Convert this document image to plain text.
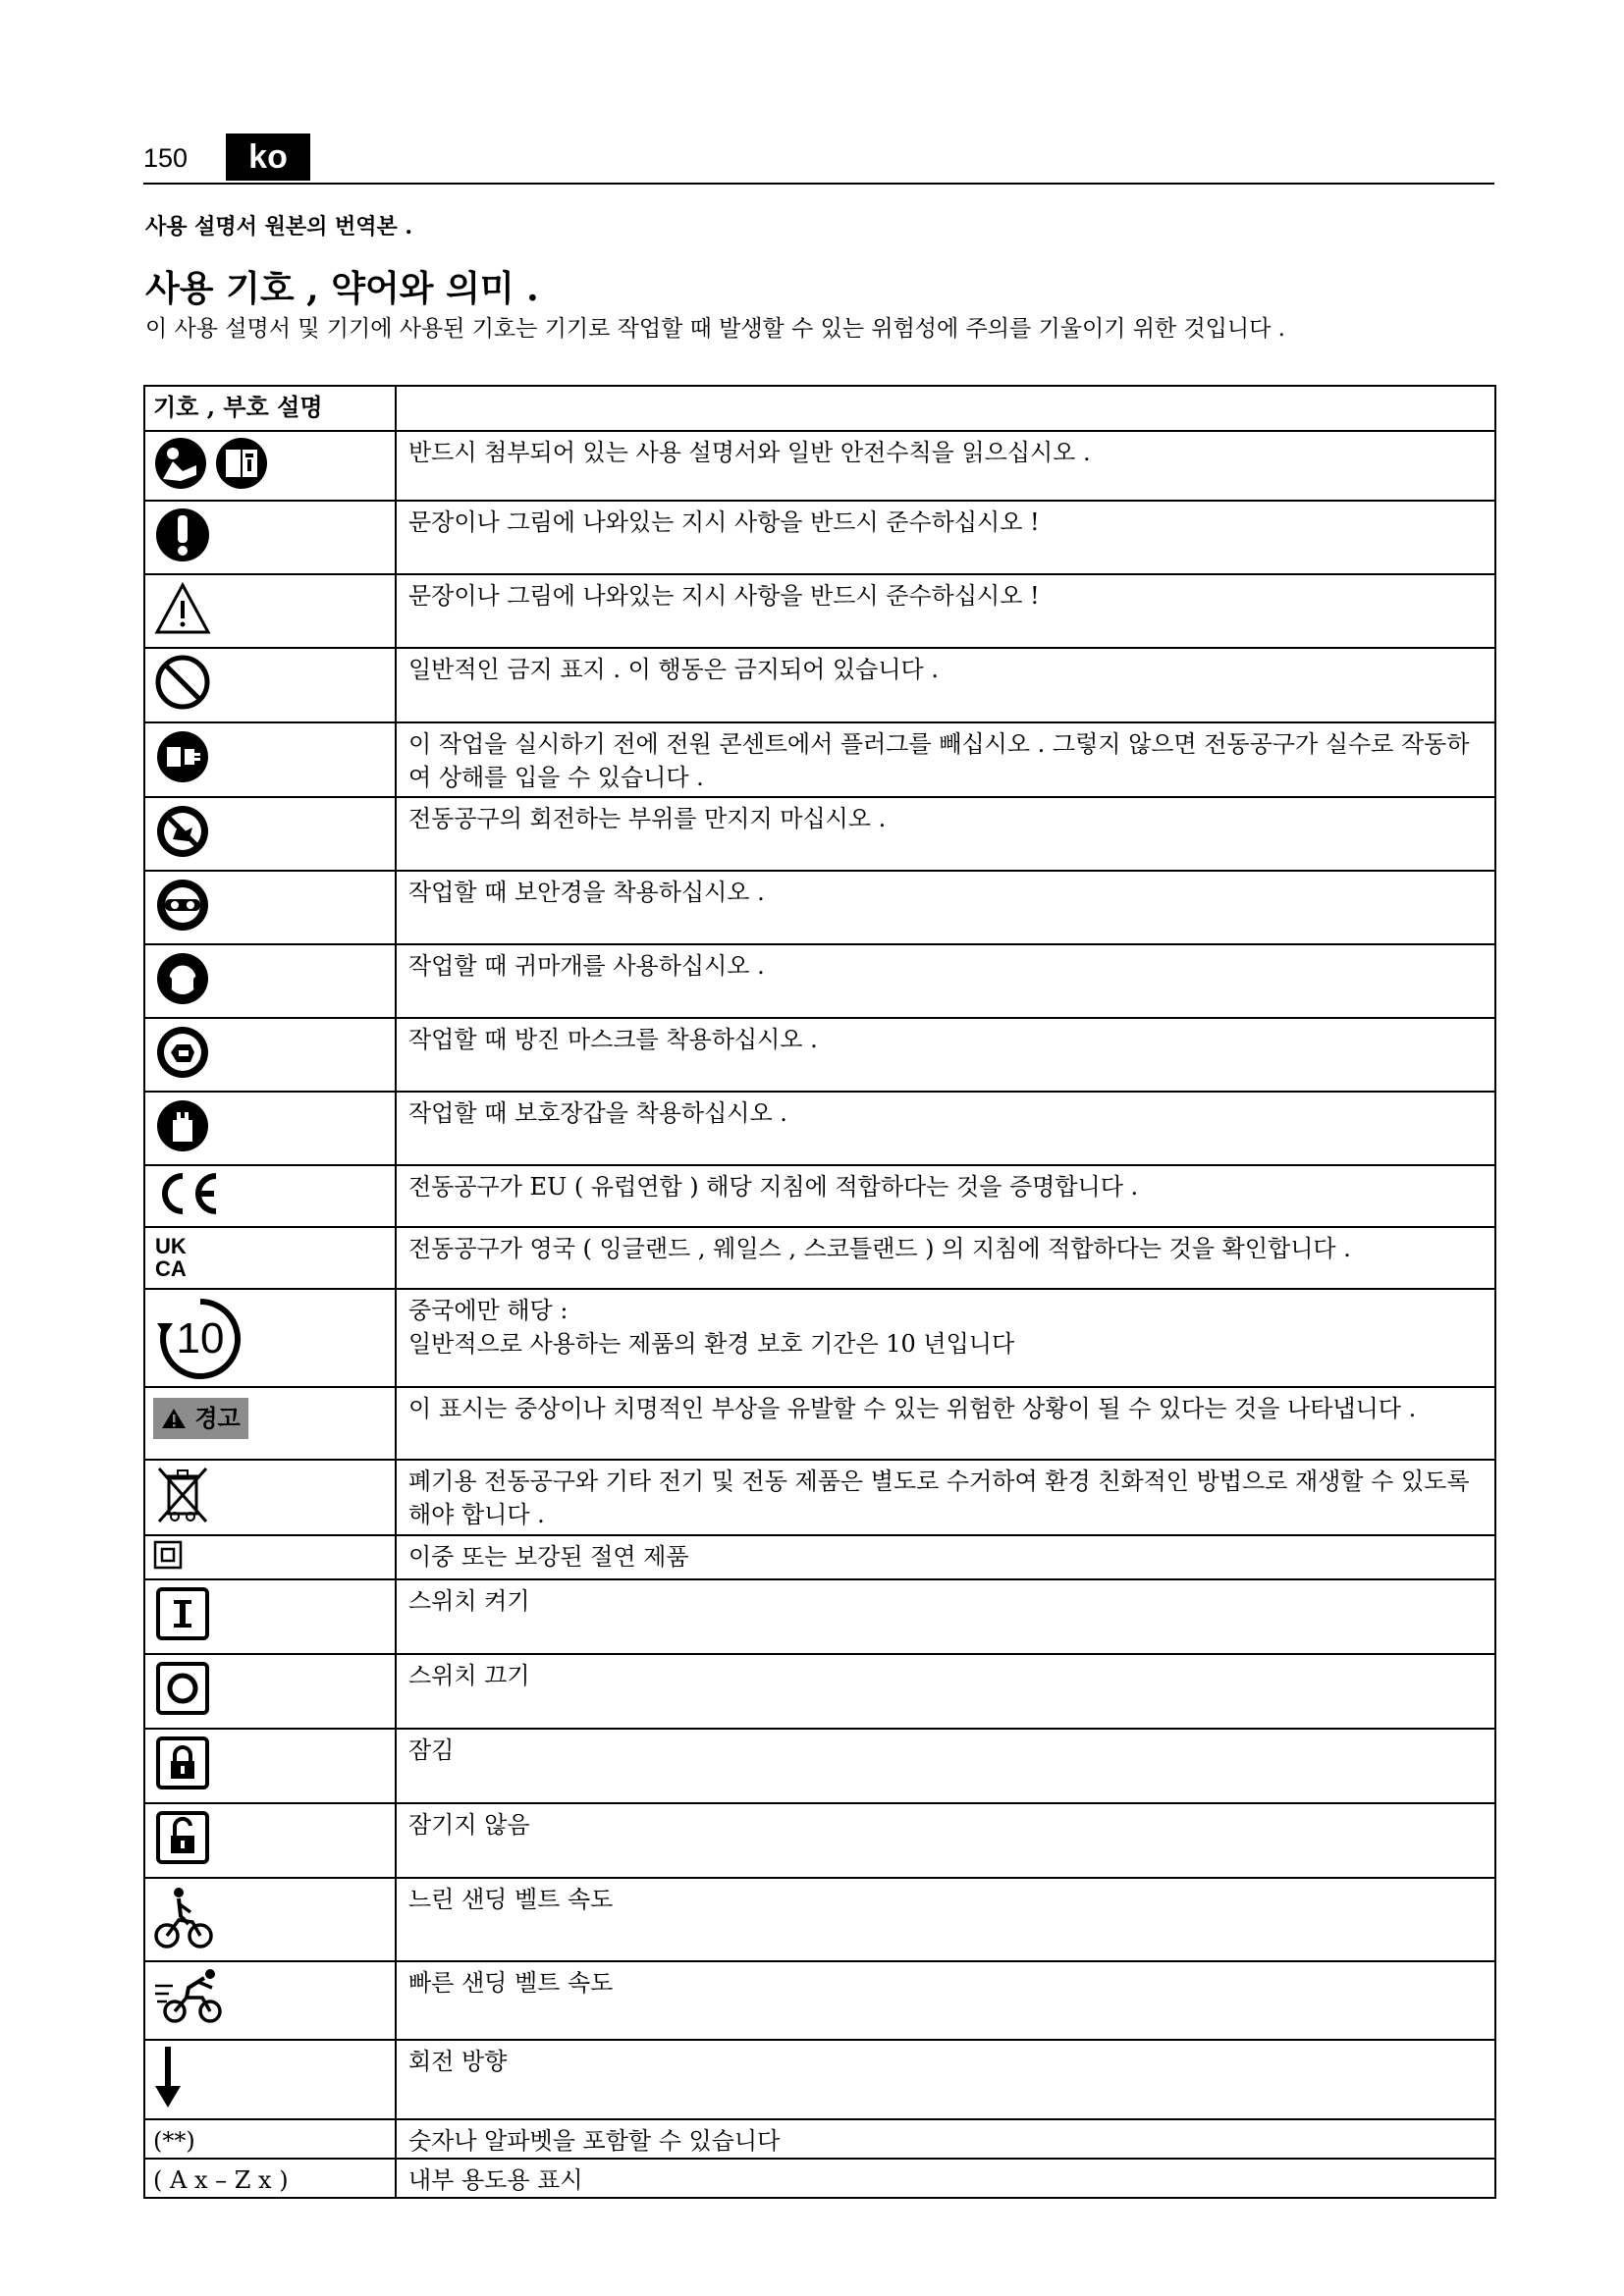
150	ko
사용 설명서 원본의 번역본 .
사용 기호 , 약어와 의미 .
이 사용 설명서 및 기기에 사용된 기호는 기기로 작업할 때 발생할 수 있는 위험성에 주의를 기울이기 위한 것입니다 .
기호 , 부호 설명	
	반드시 첨부되어 있는 사용 설명서와 일반 안전수칙을 읽으십시오 .
	문장이나 그림에 나와있는 지시 사항을 반드시 준수하십시오 !
	문장이나 그림에 나와있는 지시 사항을 반드시 준수하십시오 !
	일반적인 금지 표지 . 이 행동은 금지되어 있습니다 .
	이 작업을 실시하기 전에 전원 콘센트에서 플러그를 빼십시오 . 그렇지 않으면 전동공구가 실수로 작동하여 상해를 입을 수 있습니다 .
	전동공구의 회전하는 부위를 만지지 마십시오 .
	작업할 때 보안경을 착용하십시오 .
	작업할 때 귀마개를 사용하십시오 .
	작업할 때 방진 마스크를 착용하십시오 .
	작업할 때 보호장갑을 착용하십시오 .
	전동공구가 EU ( 유럽연합 ) 해당 지침에 적합하다는 것을 증명합니다 .

UK
CA	전동공구가 영국 ( 잉글랜드 , 웨일스 , 스코틀랜드 ) 의 지침에 적합하다는 것을 확인합니다 .

10	중국에만 해당 :
일반적으로 사용하는 제품의 환경 보호 기간은 10 년입니다

경고	이 표시는 중상이나 치명적인 부상을 유발할 수 있는 위험한 상황이 될 수 있다는 것을 나타냅니다 .
	폐기용 전동공구와 기타 전기 및 전동 제품은 별도로 수거하여 환경 친화적인 방법으로 재생할 수 있도록 해야 합니다 .
	이중 또는 보강된 절연 제품
	스위치 켜기
	스위치 끄기
	잠김
	잠기지 않음
	느린 샌딩 벨트 속도
	빠른 샌딩 벨트 속도
	회전 방향
(**)	숫자나 알파벳을 포함할 수 있습니다
( A x – Z x )	내부 용도용 표시
